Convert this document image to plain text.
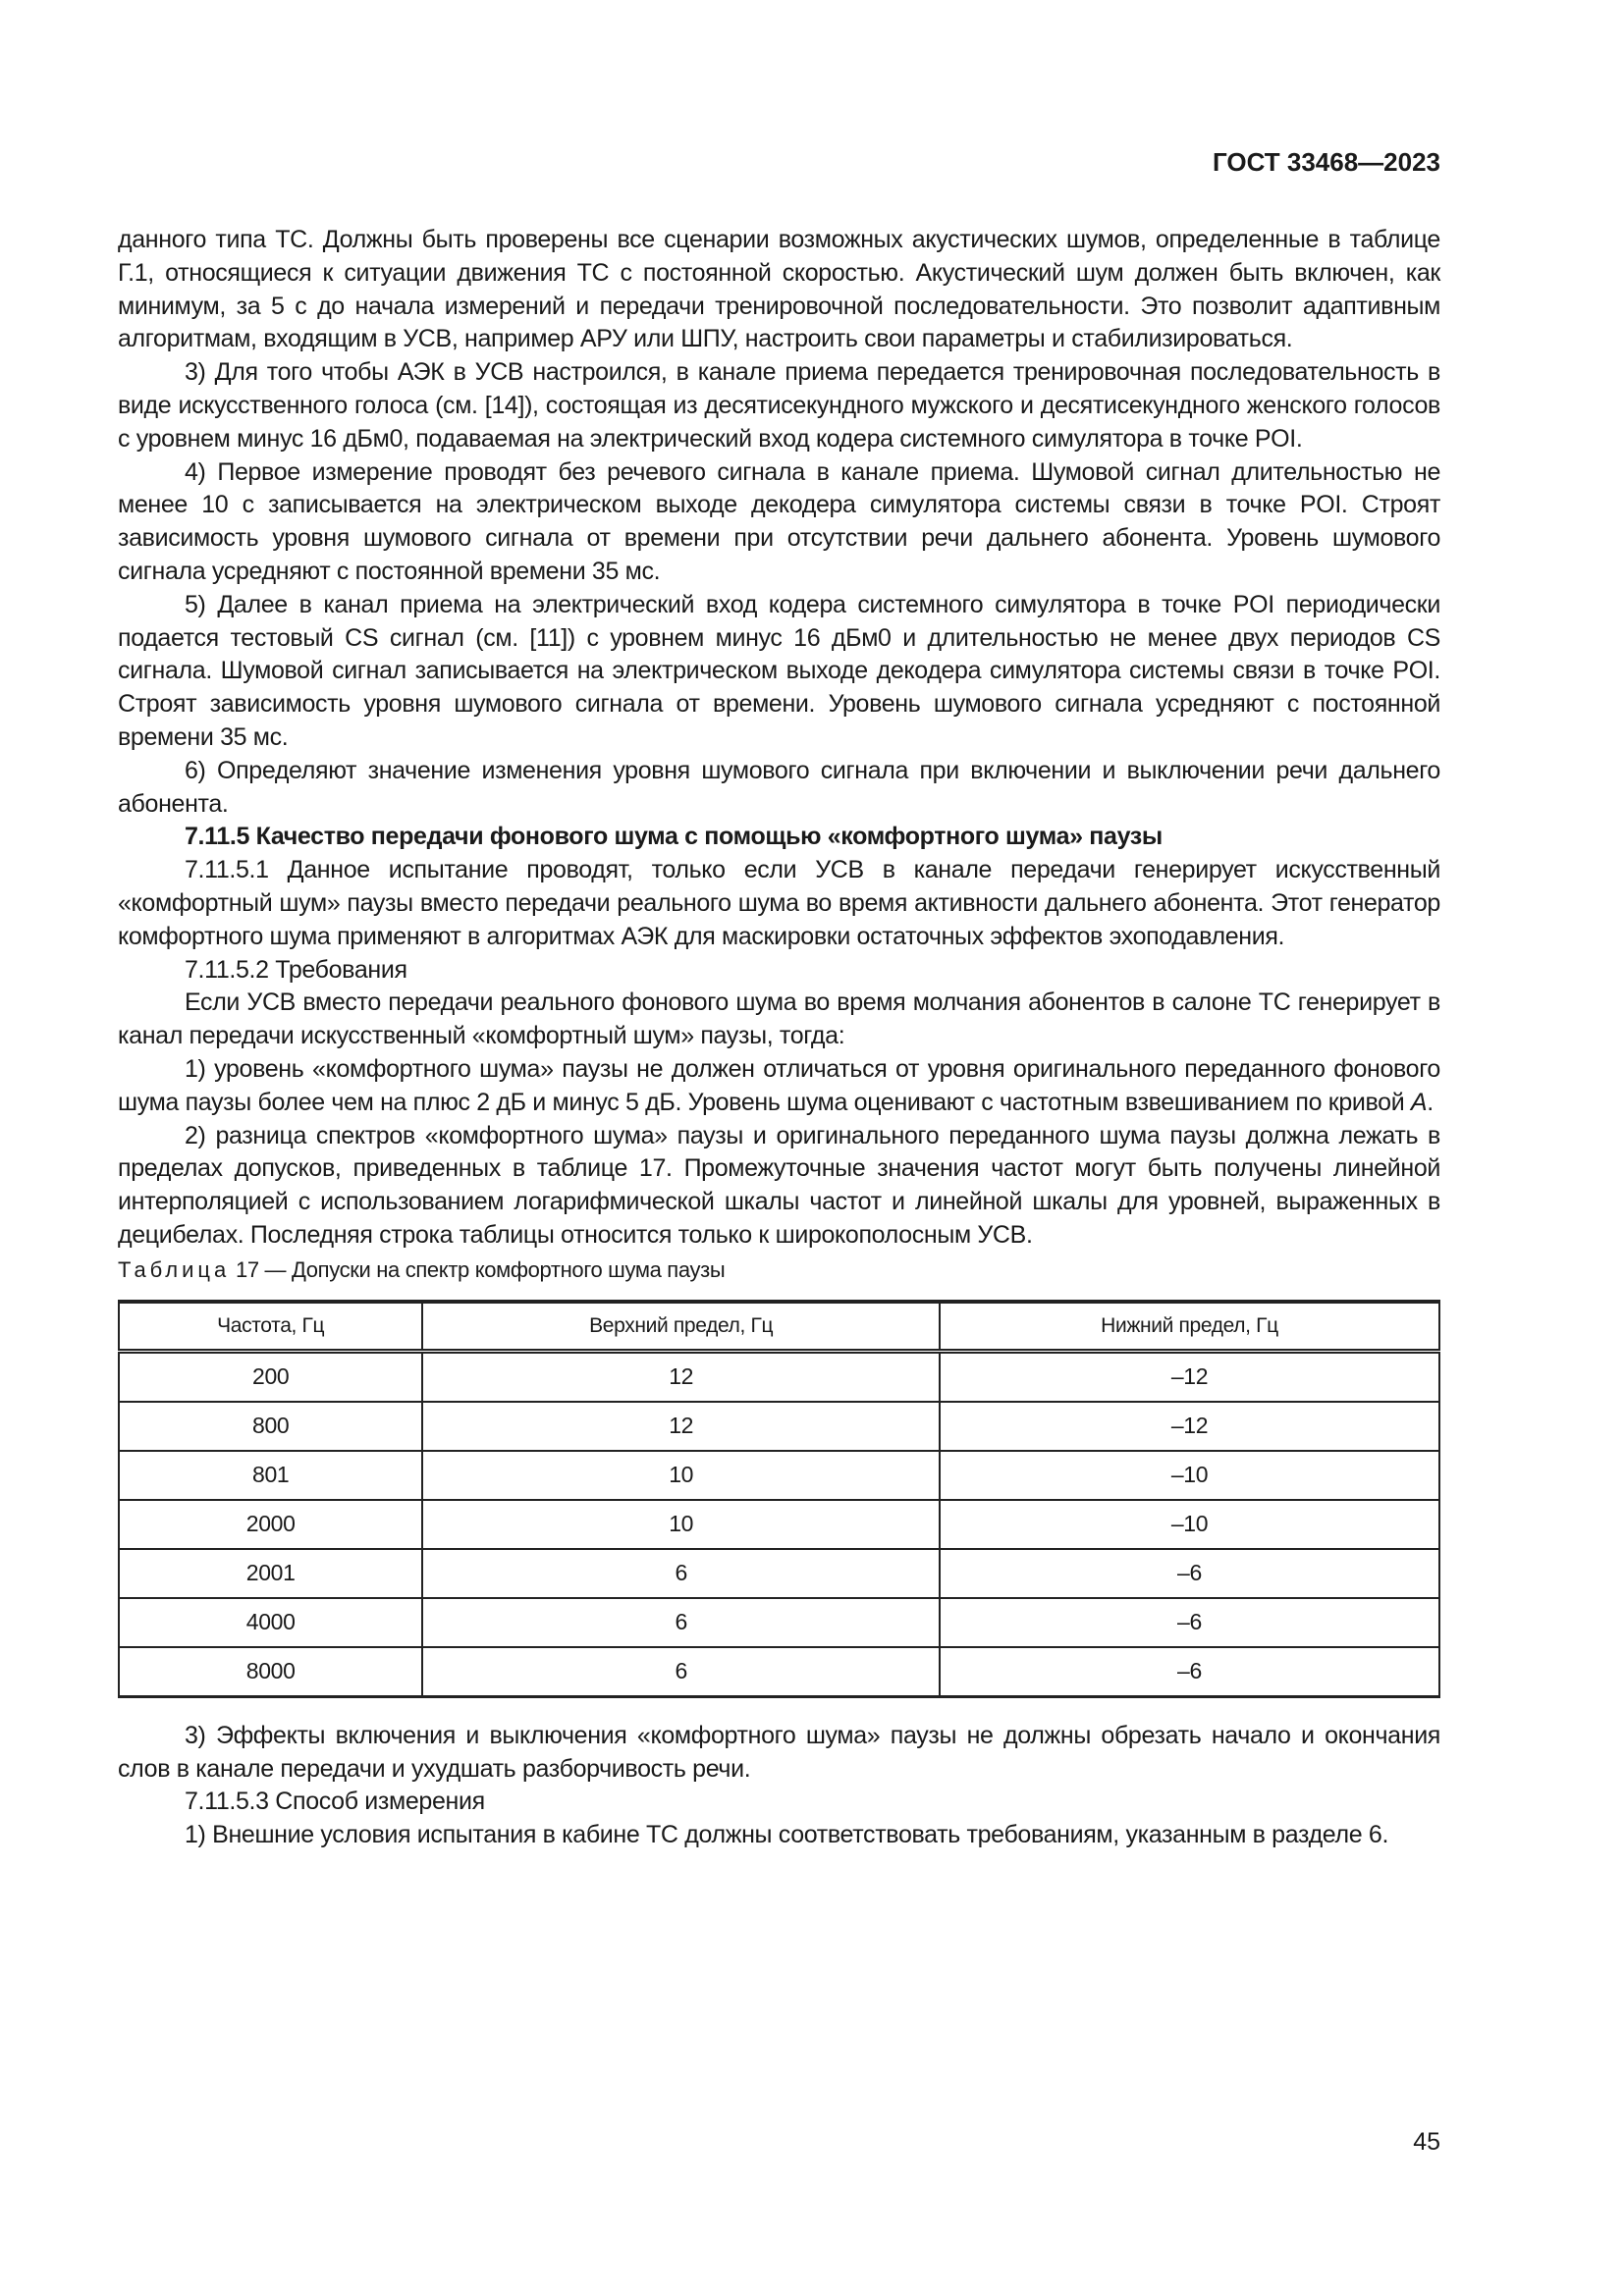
ГОСТ 33468—2023

данного типа ТС. Должны быть проверены все сценарии возможных акустических шумов, определенные в таблице Г.1, относящиеся к ситуации движения ТС с постоянной скоростью. Акустический шум должен быть включен, как минимум, за 5 с до начала измерений и передачи тренировочной последовательности. Это позволит адаптивным алгоритмам, входящим в УСВ, например АРУ или ШПУ, настроить свои параметры и стабилизироваться.

3) Для того чтобы АЭК в УСВ настроился, в канале приема передается тренировочная последовательность в виде искусственного голоса (см. [14]), состоящая из десятисекундного мужского и десятисекундного женского голосов с уровнем минус 16 дБм0, подаваемая на электрический вход кодера системного симулятора в точке POI.

4) Первое измерение проводят без речевого сигнала в канале приема. Шумовой сигнал длительностью не менее 10 с записывается на электрическом выходе декодера симулятора системы связи в точке POI. Строят зависимость уровня шумового сигнала от времени при отсутствии речи дальнего абонента. Уровень шумового сигнала усредняют с постоянной времени 35 мс.

5) Далее в канал приема на электрический вход кодера системного симулятора в точке POI периодически подается тестовый CS сигнал (см. [11]) с уровнем минус 16 дБм0 и длительностью не менее двух периодов CS сигнала. Шумовой сигнал записывается на электрическом выходе декодера симулятора системы связи в точке POI. Строят зависимость уровня шумового сигнала от времени. Уровень шумового сигнала усредняют с постоянной времени 35 мс.

6) Определяют значение изменения уровня шумового сигнала при включении и выключении речи дальнего абонента.

7.11.5 Качество передачи фонового шума с помощью «комфортного шума» паузы

7.11.5.1 Данное испытание проводят, только если УСВ в канале передачи генерирует искусственный «комфортный шум» паузы вместо передачи реального шума во время активности дальнего абонента. Этот генератор комфортного шума применяют в алгоритмах АЭК для маскировки остаточных эффектов эхоподавления.

7.11.5.2 Требования

Если УСВ вместо передачи реального фонового шума во время молчания абонентов в салоне ТС генерирует в канал передачи искусственный «комфортный шум» паузы, тогда:

1) уровень «комфортного шума» паузы не должен отличаться от уровня оригинального переданного фонового шума паузы более чем на плюс 2 дБ и минус 5 дБ. Уровень шума оценивают с частотным взвешиванием по кривой А.

2) разница спектров «комфортного шума» паузы и оригинального переданного шума паузы должна лежать в пределах допусков, приведенных в таблице 17. Промежуточные значения частот могут быть получены линейной интерполяцией с использованием логарифмической шкалы частот и линейной шкалы для уровней, выраженных в децибелах. Последняя строка таблицы относится только к широкополосным УСВ.

Таблица 17 — Допуски на спектр комфортного шума паузы

Частота, Гц	Верхний предел, Гц	Нижний предел, Гц
200	12	–12
800	12	–12
801	10	–10
2000	10	–10
2001	6	–6
4000	6	–6
8000	6	–6

3) Эффекты включения и выключения «комфортного шума» паузы не должны обрезать начало и окончания слов в канале передачи и ухудшать разборчивость речи.

7.11.5.3 Способ измерения

1) Внешние условия испытания в кабине ТС должны соответствовать требованиям, указанным в разделе 6.

45
